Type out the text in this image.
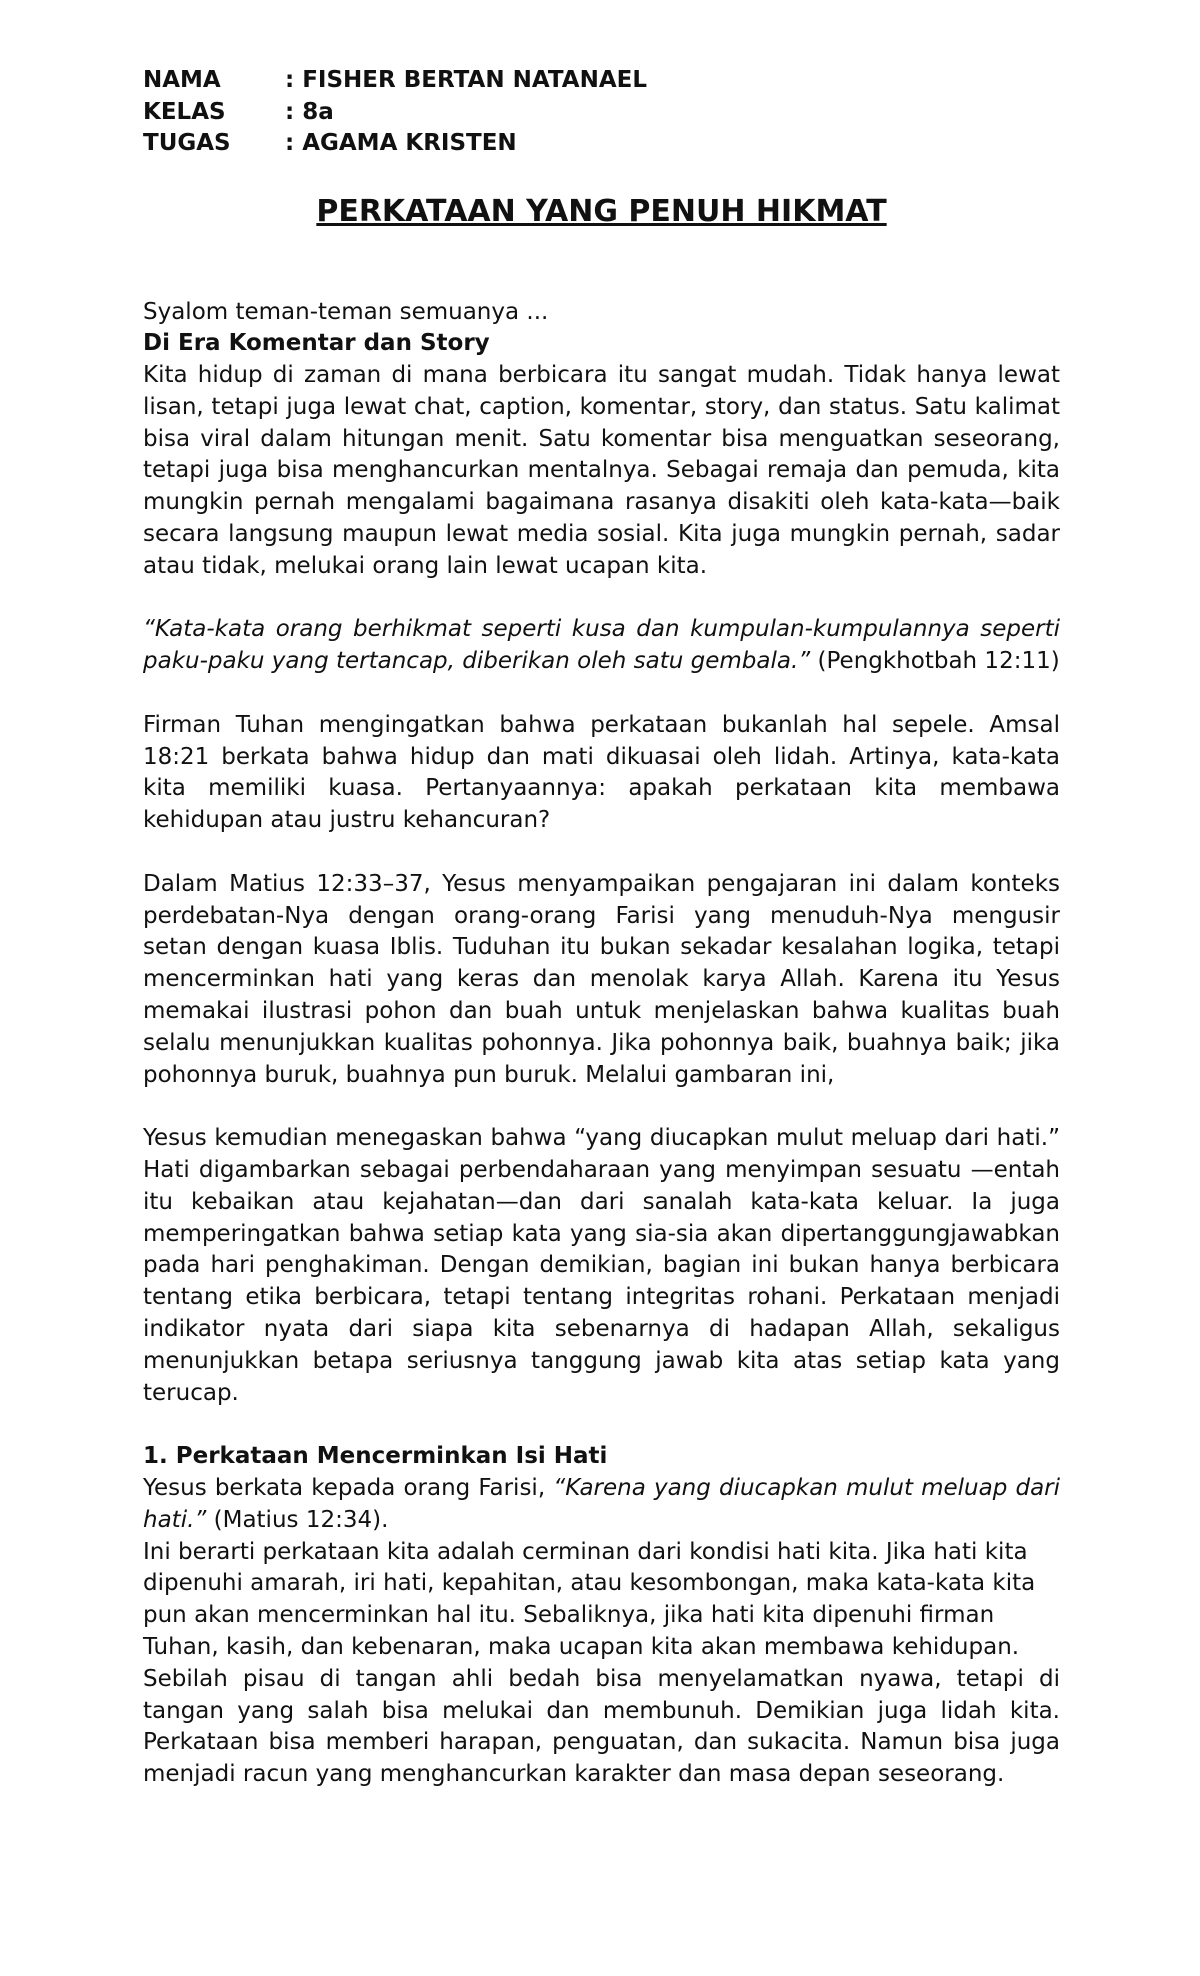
NAMA	: FISHER BERTAN NATANAEL
KELAS	: 8a
TUGAS	: AGAMA KRISTEN
PERKATAAN YANG PENUH HIKMAT

Syalom teman-teman semuanya ...

Di Era Komentar dan Story

Kita hidup di zaman di mana berbicara itu sangat mudah. Tidak hanya lewat lisan, tetapi juga lewat chat, caption, komentar, story, dan status. Satu kalimat bisa viral dalam hitungan menit. Satu komentar bisa menguatkan seseorang, tetapi juga bisa menghancurkan mentalnya. Sebagai remaja dan pemuda, kita mungkin pernah mengalami bagaimana rasanya disakiti oleh kata-kata—baik secara langsung maupun lewat media sosial. Kita juga mungkin pernah, sadar atau tidak, melukai orang lain lewat ucapan kita.

“Kata-kata orang berhikmat seperti kusa dan kumpulan-kumpulannya seperti paku-paku yang tertancap, diberikan oleh satu gembala.” (Pengkhotbah 12:11)

Firman Tuhan mengingatkan bahwa perkataan bukanlah hal sepele. Amsal 18:21 berkata bahwa hidup dan mati dikuasai oleh lidah. Artinya, kata-kata kita memiliki kuasa. Pertanyaannya: apakah perkataan kita membawa kehidupan atau justru kehancuran?

Dalam Matius 12:33–37, Yesus menyampaikan pengajaran ini dalam konteks perdebatan-Nya dengan orang-orang Farisi yang menuduh-Nya mengusir setan dengan kuasa Iblis. Tuduhan itu bukan sekadar kesalahan logika, tetapi mencerminkan hati yang keras dan menolak karya Allah. Karena itu Yesus memakai ilustrasi pohon dan buah untuk menjelaskan bahwa kualitas buah selalu menunjukkan kualitas pohonnya. Jika pohonnya baik, buahnya baik; jika pohonnya buruk, buahnya pun buruk. Melalui gambaran ini,

Yesus kemudian menegaskan bahwa “yang diucapkan mulut meluap dari hati.” Hati digambarkan sebagai perbendaharaan yang menyimpan sesuatu —entah itu kebaikan atau kejahatan—dan dari sanalah kata-kata keluar. Ia juga memperingatkan bahwa setiap kata yang sia-sia akan dipertanggungjawabkan pada hari penghakiman. Dengan demikian, bagian ini bukan hanya berbicara tentang etika berbicara, tetapi tentang integritas rohani. Perkataan menjadi indikator nyata dari siapa kita sebenarnya di hadapan Allah, sekaligus menunjukkan betapa seriusnya tanggung jawab kita atas setiap kata yang terucap.

1. Perkataan Mencerminkan Isi Hati

Yesus berkata kepada orang Farisi, “Karena yang diucapkan mulut meluap dari hati.” (Matius 12:34).

Ini berarti perkataan kita adalah cerminan dari kondisi hati kita. Jika hati kita dipenuhi amarah, iri hati, kepahitan, atau kesombongan, maka kata-kata kita pun akan mencerminkan hal itu. Sebaliknya, jika hati kita dipenuhi firman Tuhan, kasih, dan kebenaran, maka ucapan kita akan membawa kehidupan.

Sebilah pisau di tangan ahli bedah bisa menyelamatkan nyawa, tetapi di tangan yang salah bisa melukai dan membunuh. Demikian juga lidah kita. Perkataan bisa memberi harapan, penguatan, dan sukacita. Namun bisa juga menjadi racun yang menghancurkan karakter dan masa depan seseorang.
